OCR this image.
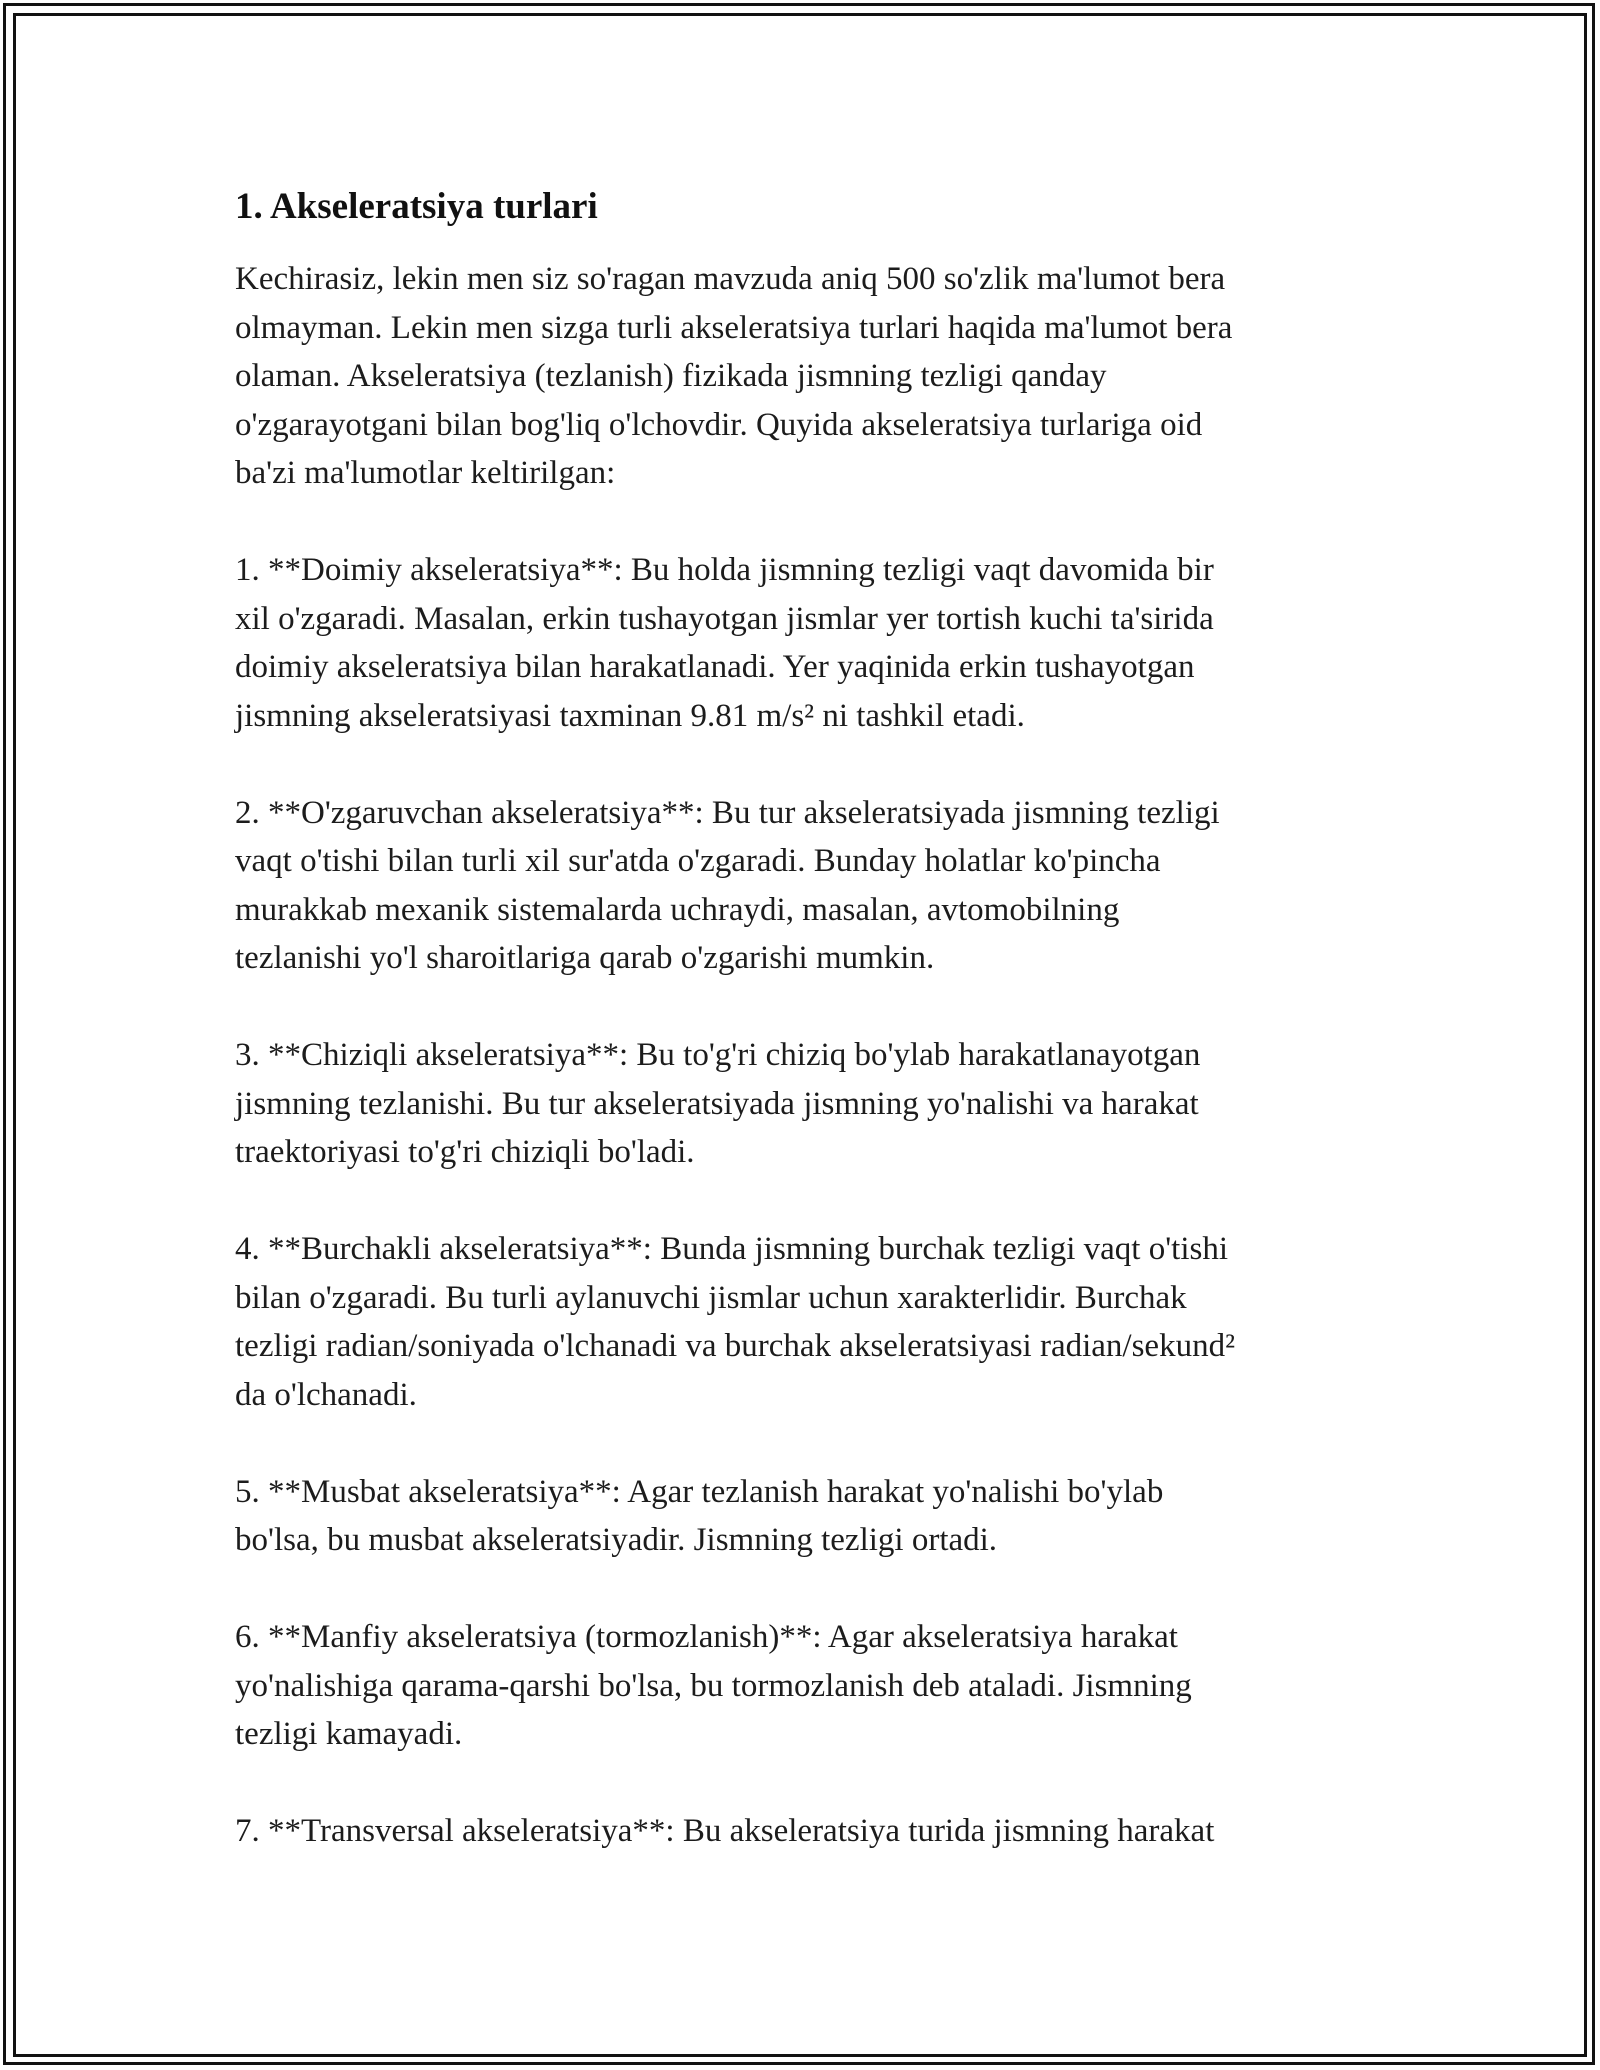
1. Akseleratsiya turlari

Kechirasiz, lekin men siz so'ragan mavzuda aniq 500 so'zlik ma'lumot bera
olmayman. Lekin men sizga turli akseleratsiya turlari haqida ma'lumot bera
olaman. Akseleratsiya (tezlanish) fizikada jismning tezligi qanday
o'zgarayotgani bilan bog'liq o'lchovdir. Quyida akseleratsiya turlariga oid
ba'zi ma'lumotlar keltirilgan:

1. **Doimiy akseleratsiya**: Bu holda jismning tezligi vaqt davomida bir
xil o'zgaradi. Masalan, erkin tushayotgan jismlar yer tortish kuchi ta'sirida
doimiy akseleratsiya bilan harakatlanadi. Yer yaqinida erkin tushayotgan
jismning akseleratsiyasi taxminan 9.81 m/s² ni tashkil etadi.

2. **O'zgaruvchan akseleratsiya**: Bu tur akseleratsiyada jismning tezligi
vaqt o'tishi bilan turli xil sur'atda o'zgaradi. Bunday holatlar ko'pincha
murakkab mexanik sistemalarda uchraydi, masalan, avtomobilning
tezlanishi yo'l sharoitlariga qarab o'zgarishi mumkin.

3. **Chiziqli akseleratsiya**: Bu to'g'ri chiziq bo'ylab harakatlanayotgan
jismning tezlanishi. Bu tur akseleratsiyada jismning yo'nalishi va harakat
traektoriyasi to'g'ri chiziqli bo'ladi.

4. **Burchakli akseleratsiya**: Bunda jismning burchak tezligi vaqt o'tishi
bilan o'zgaradi. Bu turli aylanuvchi jismlar uchun xarakterlidir. Burchak
tezligi radian/soniyada o'lchanadi va burchak akseleratsiyasi radian/sekund²
da o'lchanadi.

5. **Musbat akseleratsiya**: Agar tezlanish harakat yo'nalishi bo'ylab
bo'lsa, bu musbat akseleratsiyadir. Jismning tezligi ortadi.

6. **Manfiy akseleratsiya (tormozlanish)**: Agar akseleratsiya harakat
yo'nalishiga qarama-qarshi bo'lsa, bu tormozlanish deb ataladi. Jismning
tezligi kamayadi.

7. **Transversal akseleratsiya**: Bu akseleratsiya turida jismning harakat
